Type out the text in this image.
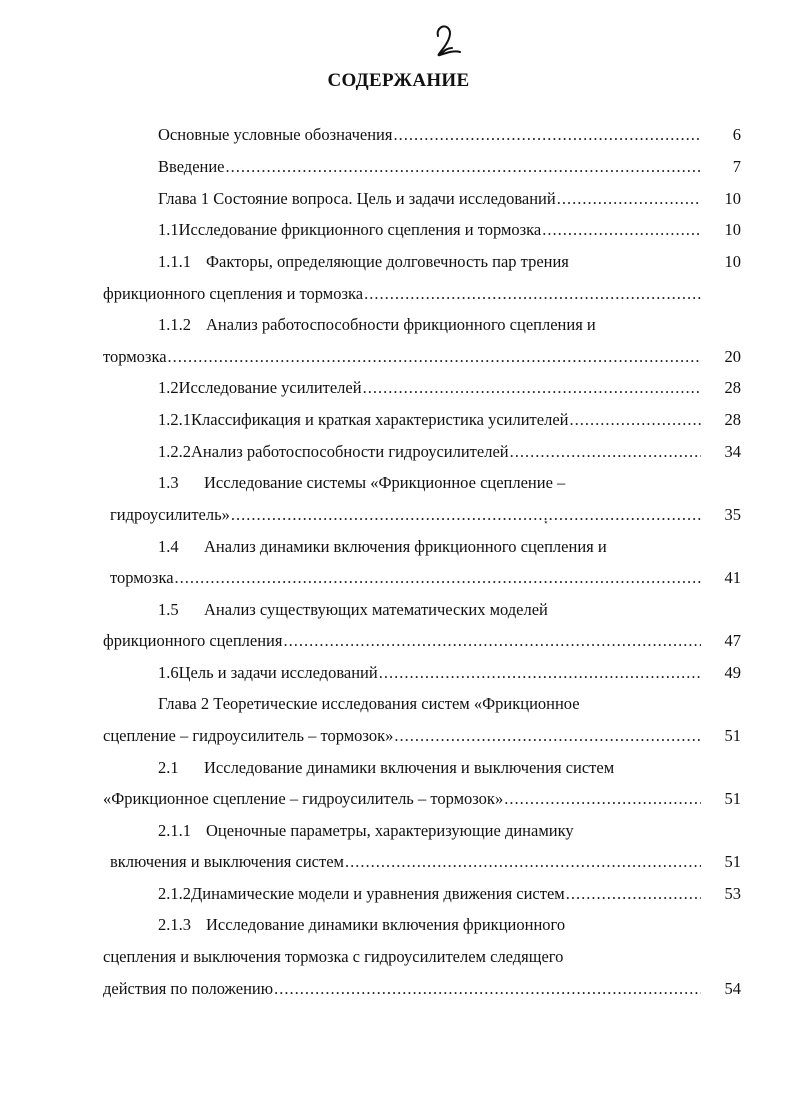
СОДЕРЖАНИЕ
Основные условные обозначения .....	6
Введение .....	7
Глава 1 Состояние вопроса. Цель и задачи исследований .....	10
1.1 Исследование фрикционного сцепления и тормозка .....	10
1.1.1 Факторы, определяющие долговечность пар трения	10
фрикционного сцепления и тормозка
.....
1.1.2 Анализ работоспособности фрикционного сцепления и
тормозка .....	20
1.2 Исследование усилителей .....	28
1.2.1 Классификация и краткая характеристика усилителей .....	28
1.2.2 Анализ работоспособности гидроусилителей .....	34
1.3	Исследование системы «Фрикционное сцепление –
гидроусилитель» .....	35
⋆
1.4	Анализ динамики включения фрикционного сцепления и
тормозка .....	41
1.5	Анализ существующих математических моделей
фрикционного сцепления .....	47
1.6 Цель и задачи исследований .....	49
Глава 2 Теоретические исследования систем «Фрикционное
сцепление – гидроусилитель – тормозок» .....	51
2.1	Исследование динамики включения и выключения систем
«Фрикционное сцепление – гидроусилитель – тормозок» .....	51
2.1.1 Оценочные параметры, характеризующие динамику
включения и выключения систем .....	51
2.1.2 Динамические модели и уравнения движения систем .....	53
2.1.3 Исследование динамики включения фрикционного
сцепления и выключения тормозка с гидроусилителем следящего
действия по положению .....	54
